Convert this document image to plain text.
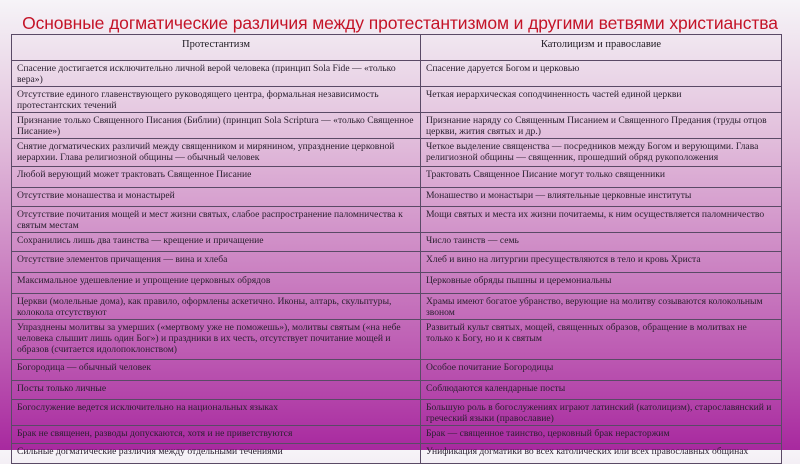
Основные догматические различия между протестантизмом и другими ветвями христианства
Протестантизм	Католицизм и православие
Спасение достигается исключительно личной верой человека (принцип Sola Fide — «только вера»)	Спасение даруется Богом и церковью
Отсутствие единого главенствующего руководящего центра, формальная независимость протестантских течений	Четкая иерархическая соподчиненность частей единой церкви
Признание только Священного Писания (Библии) (принцип Sola Scriptura — «только Священное Писание»)	Признание наряду со Священным Писанием и Священного Предания (труды отцов церкви, жития святых и др.)
Снятие догматических различий между священником и мирянином, упразднение церковной иерархии. Глава религиозной общины — обычный человек	Четкое выделение священства — посредников между Богом и верующими. Глава религиозной общины — священник, прошедший обряд рукоположения
Любой верующий может трактовать Священное Писание	Трактовать Священное Писание могут только священники
Отсутствие монашества и монастырей	Монашество и монастыри — влиятельные церковные институты
Отсутствие почитания мощей и мест жизни святых, слабое распространение паломничества к святым местам	Мощи святых и места их жизни почитаемы, к ним осуществляется паломничество
Сохранились лишь два таинства — крещение и причащение	Число таинств — семь
Отсутствие элементов причащения — вина и хлеба	Хлеб и вино на литургии пресуществляются в тело и кровь Христа
Максимальное удешевление и упрощение церковных обрядов	Церковные обряды пышны и церемониальны
Церкви (молельные дома), как правило, оформлены аскетично. Иконы, алтарь, скульптуры, колокола отсутствуют	Храмы имеют богатое убранство, верующие на молитву созываются колокольным звоном
Упразднены молитвы за умерших («мертвому уже не поможешь»), молитвы святым («на небе человека слышит лишь один Бог») и праздники в их честь, отсутствует почитание мощей и образов (считается идолопоклонством)	Развитый культ святых, мощей, священных образов, обращение в молитвах не только к Богу, но и к святым
Богородица — обычный человек	Особое почитание Богородицы
Посты только личные	Соблюдаются календарные посты
Богослужение ведется исключительно на национальных языках	Большую роль в богослужениях играют латинский (католицизм), старославянский и греческий языки (православие)
Брак не священен, разводы допускаются, хотя и не приветствуются	Брак — священное таинство, церковный брак нерасторжим
Сильные догматические различия между отдельными течениями	Унификация догматики во всех католических или всех православных общинах
